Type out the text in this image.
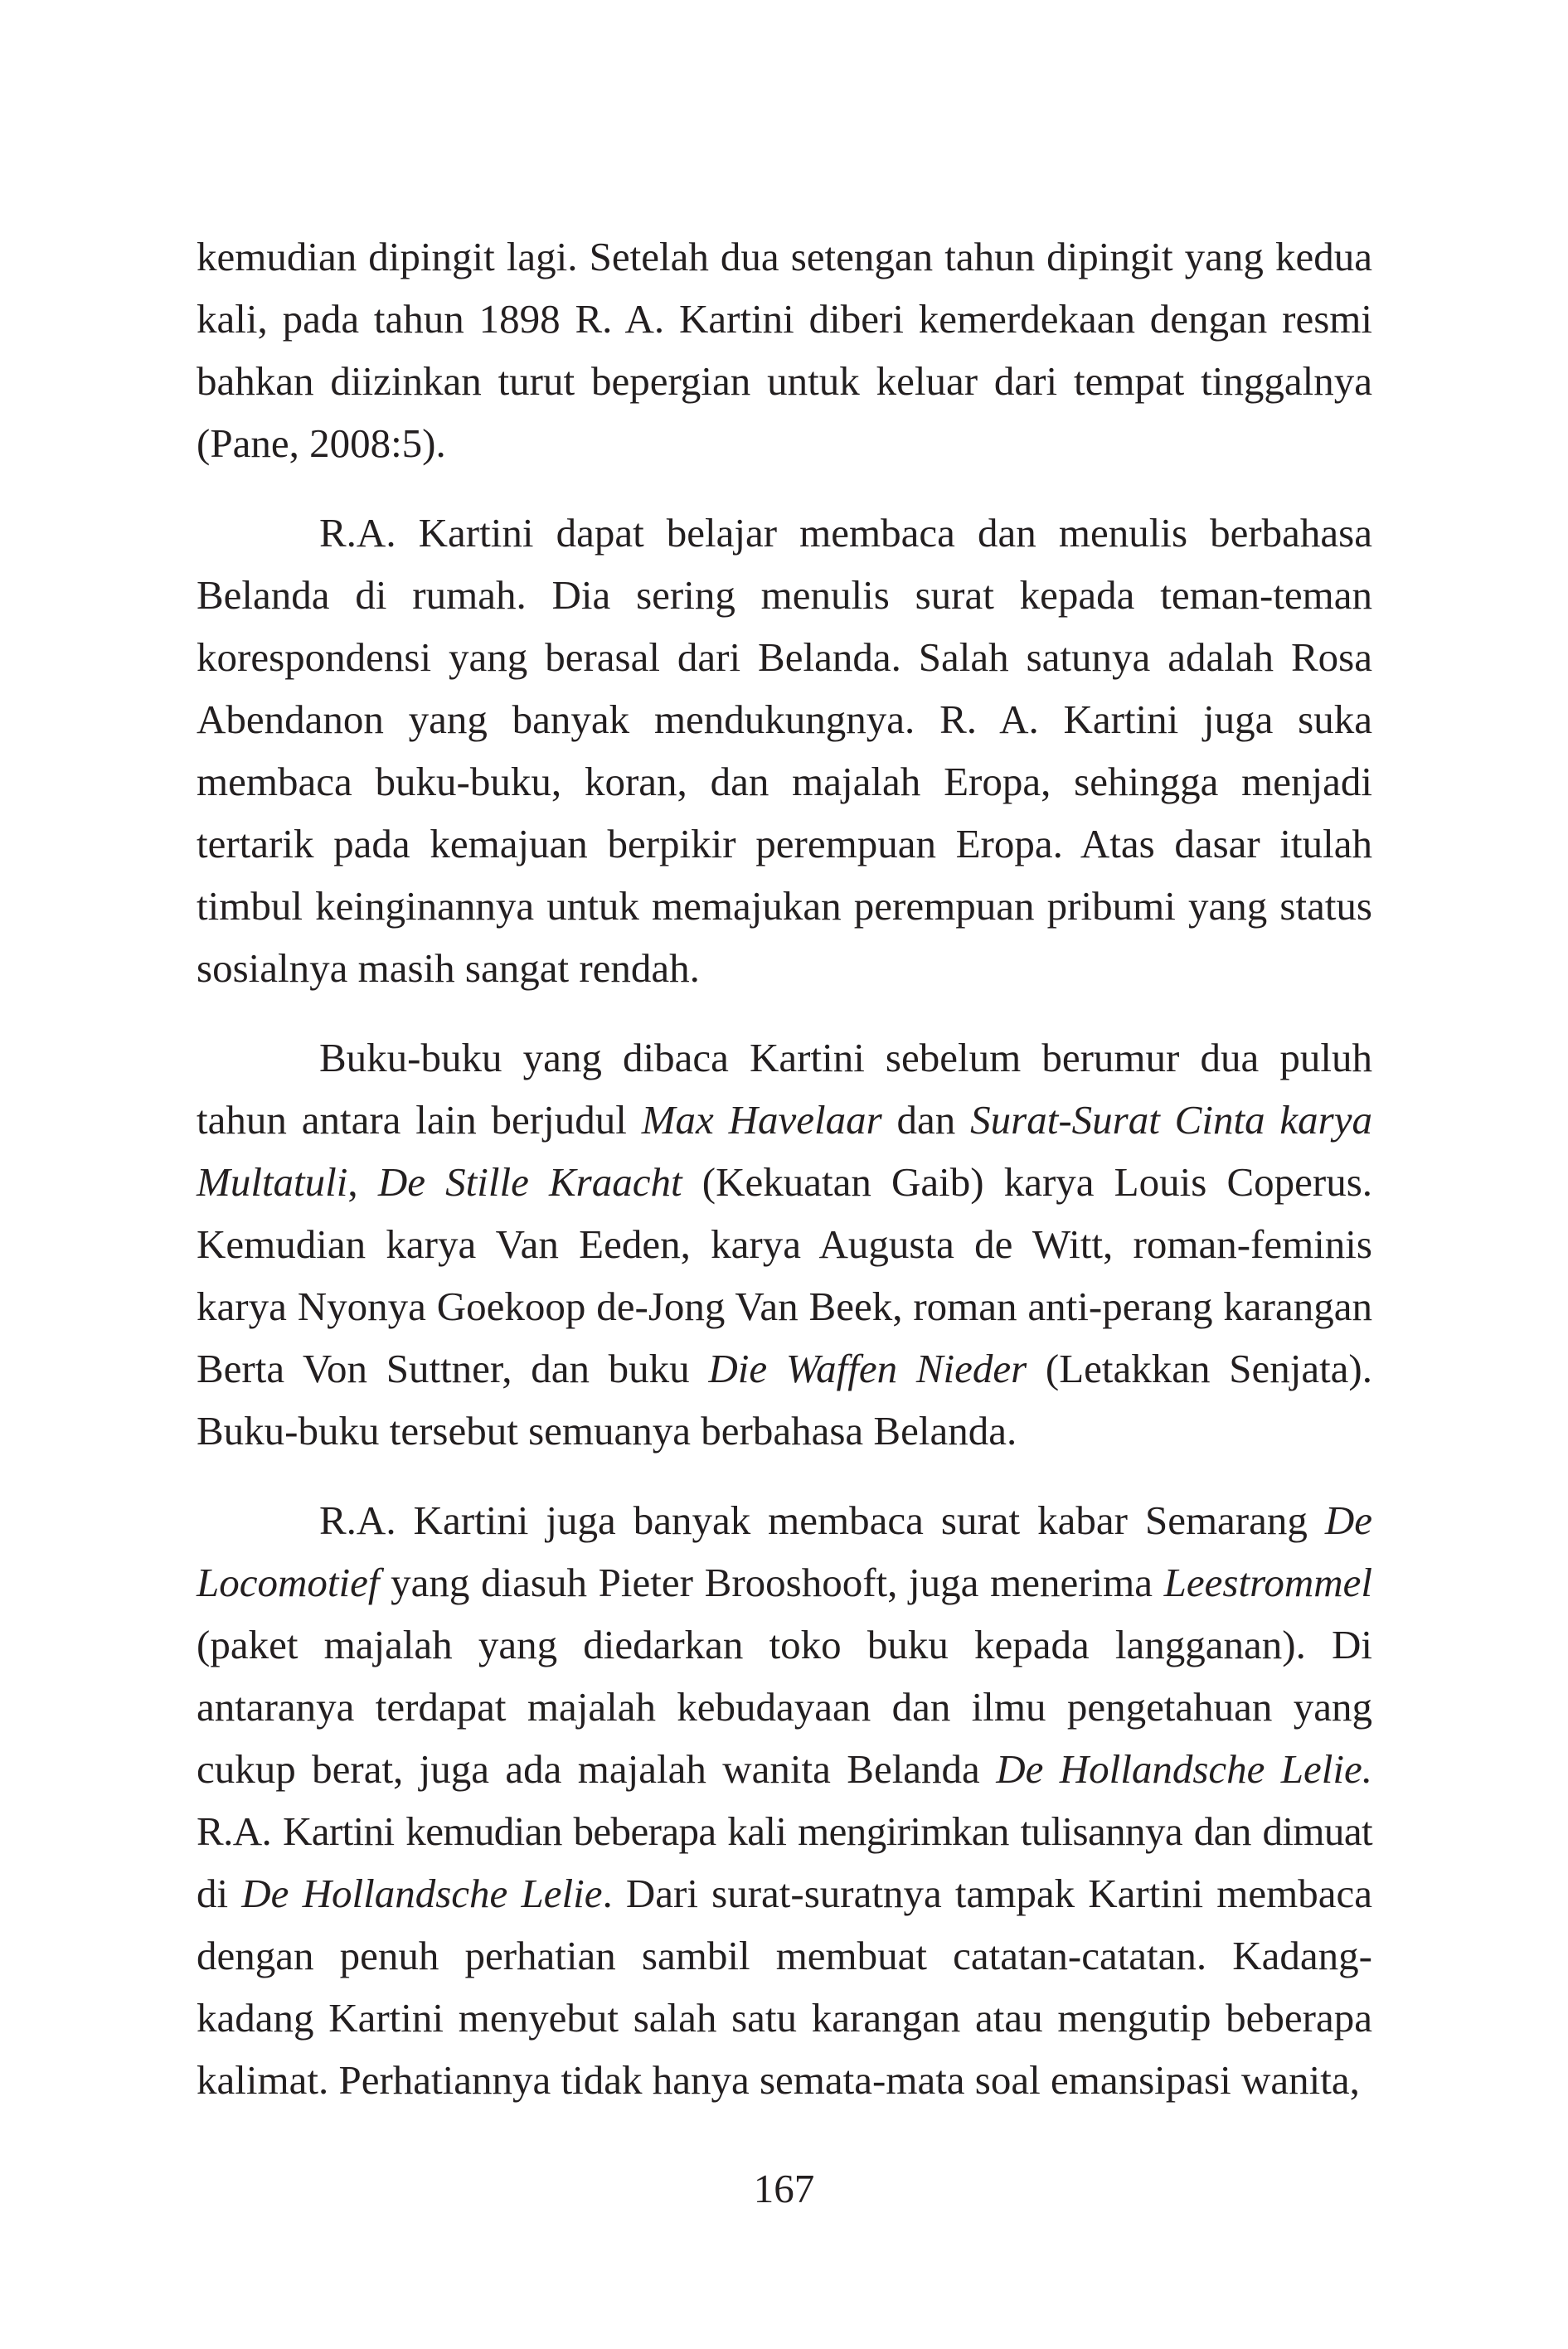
kemudian dipingit lagi. Setelah dua setengan tahun dipingit yang kedua kali, pada tahun 1898 R. A. Kartini diberi kemerdekaan dengan resmi bahkan diizinkan turut bepergian untuk keluar dari tempat tinggalnya (Pane, 2008:5).

R.A. Kartini dapat belajar membaca dan menulis berbahasa Belanda di rumah. Dia sering menulis surat kepada teman-teman korespondensi yang berasal dari Belanda. Salah satunya adalah Rosa Abendanon yang banyak mendukungnya. R. A. Kartini juga suka membaca buku-buku, koran, dan majalah Eropa, sehingga menjadi tertarik pada kemajuan berpikir perempuan Eropa. Atas dasar itulah timbul keinginannya untuk memajukan perempuan pribumi yang status sosialnya masih sangat rendah.

Buku-buku yang dibaca Kartini sebelum berumur dua puluh tahun antara lain berjudul Max Havelaar dan Surat-Surat Cinta karya Multatuli, De Stille Kraacht (Kekuatan Gaib) karya Louis Coperus. Kemudian karya Van Eeden, karya Augusta de Witt, roman-feminis karya Nyonya Goekoop de-Jong Van Beek, roman anti-perang karangan Berta Von Suttner, dan buku Die Waffen Nieder (Letakkan Senjata). Buku-buku tersebut semuanya berbahasa Belanda.

R.A. Kartini juga banyak membaca surat kabar Semarang De Locomotief yang diasuh Pieter Brooshooft, juga menerima Leestrommel (paket majalah yang diedarkan toko buku kepada langganan). Di antaranya terdapat majalah kebudayaan dan ilmu pengetahuan yang cukup berat, juga ada majalah wanita Belanda De Hollandsche Lelie. R.A. Kartini kemudian beberapa kali mengirimkan tulisannya dan dimuat di De Hollandsche Lelie. Dari surat-suratnya tampak Kartini membaca dengan penuh perhatian sambil membuat catatan-catatan. Kadang-kadang Kartini menyebut salah satu karangan atau mengutip beberapa kalimat. Perhatiannya tidak hanya semata-mata soal emansipasi wanita,

167
